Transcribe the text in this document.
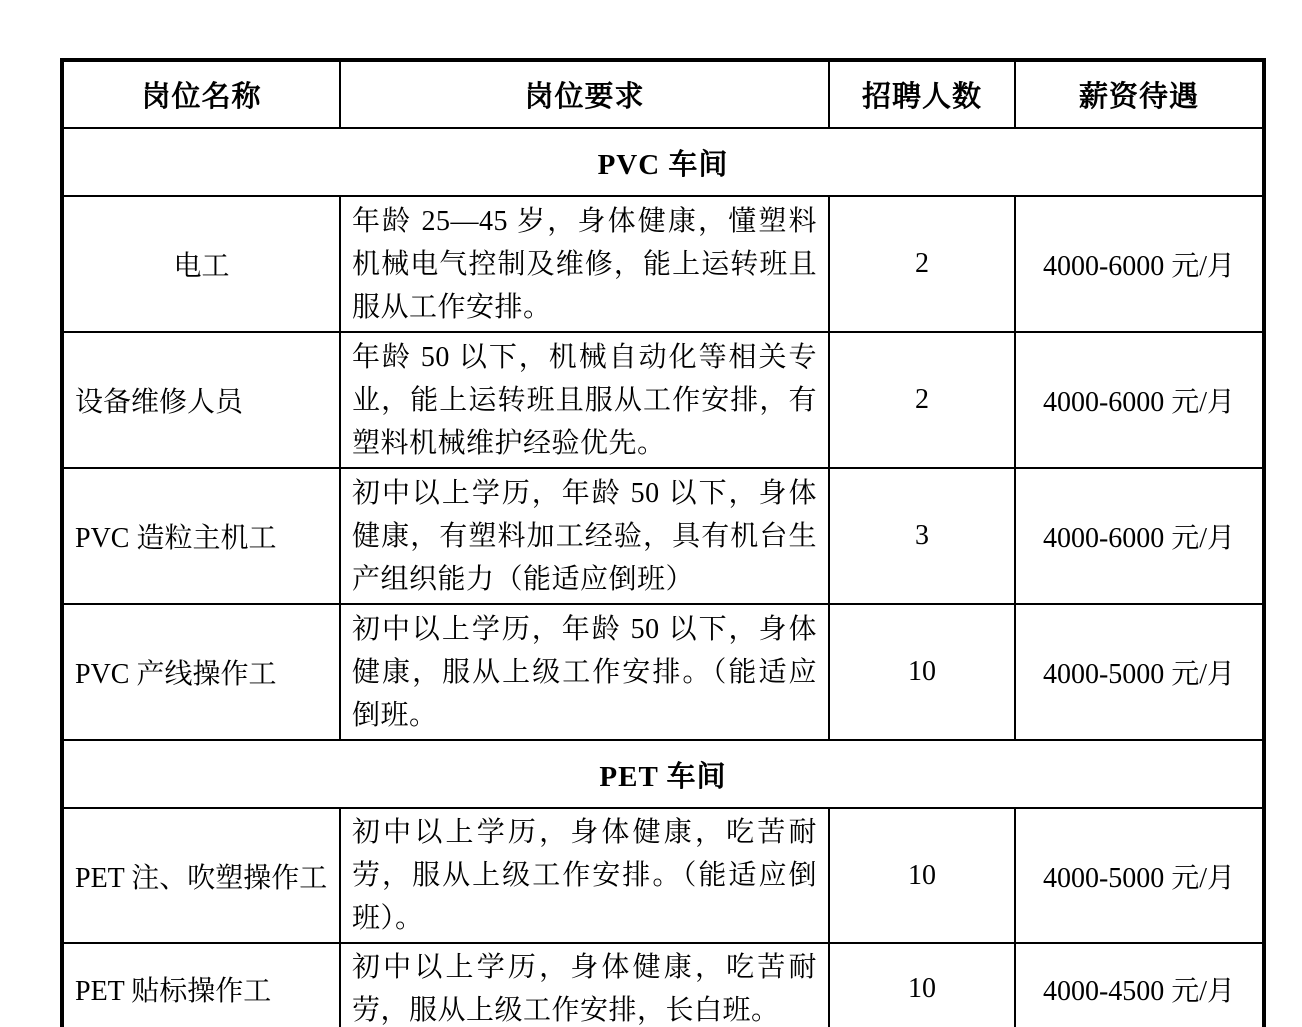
岗位名称	岗位要求	招聘人数	薪资待遇
PVC 车间			
电工	年龄 25—45 岁，身体健康，懂塑料机械电气控制及维修，能上运转班且服从工作安排。	2	4000-6000 元/月
设备维修人员	年龄 50 以下，机械自动化等相关专业，能上运转班且服从工作安排，有塑料机械维护经验优先。	2	4000-6000 元/月
PVC 造粒主机工	初中以上学历，年龄 50 以下，身体健康，有塑料加工经验，具有机台生产组织能力（能适应倒班）	3	4000-6000 元/月
PVC 产线操作工	初中以上学历，年龄 50 以下，身体健康，服从上级工作安排。（能适应倒班。	10	4000-5000 元/月
PET 车间			
PET 注、吹塑操作工	初中以上学历，身体健康，吃苦耐劳，服从上级工作安排。（能适应倒班）。	10	4000-5000 元/月
PET 贴标操作工	初中以上学历，身体健康，吃苦耐劳，服从上级工作安排，长白班。	10	4000-4500 元/月
